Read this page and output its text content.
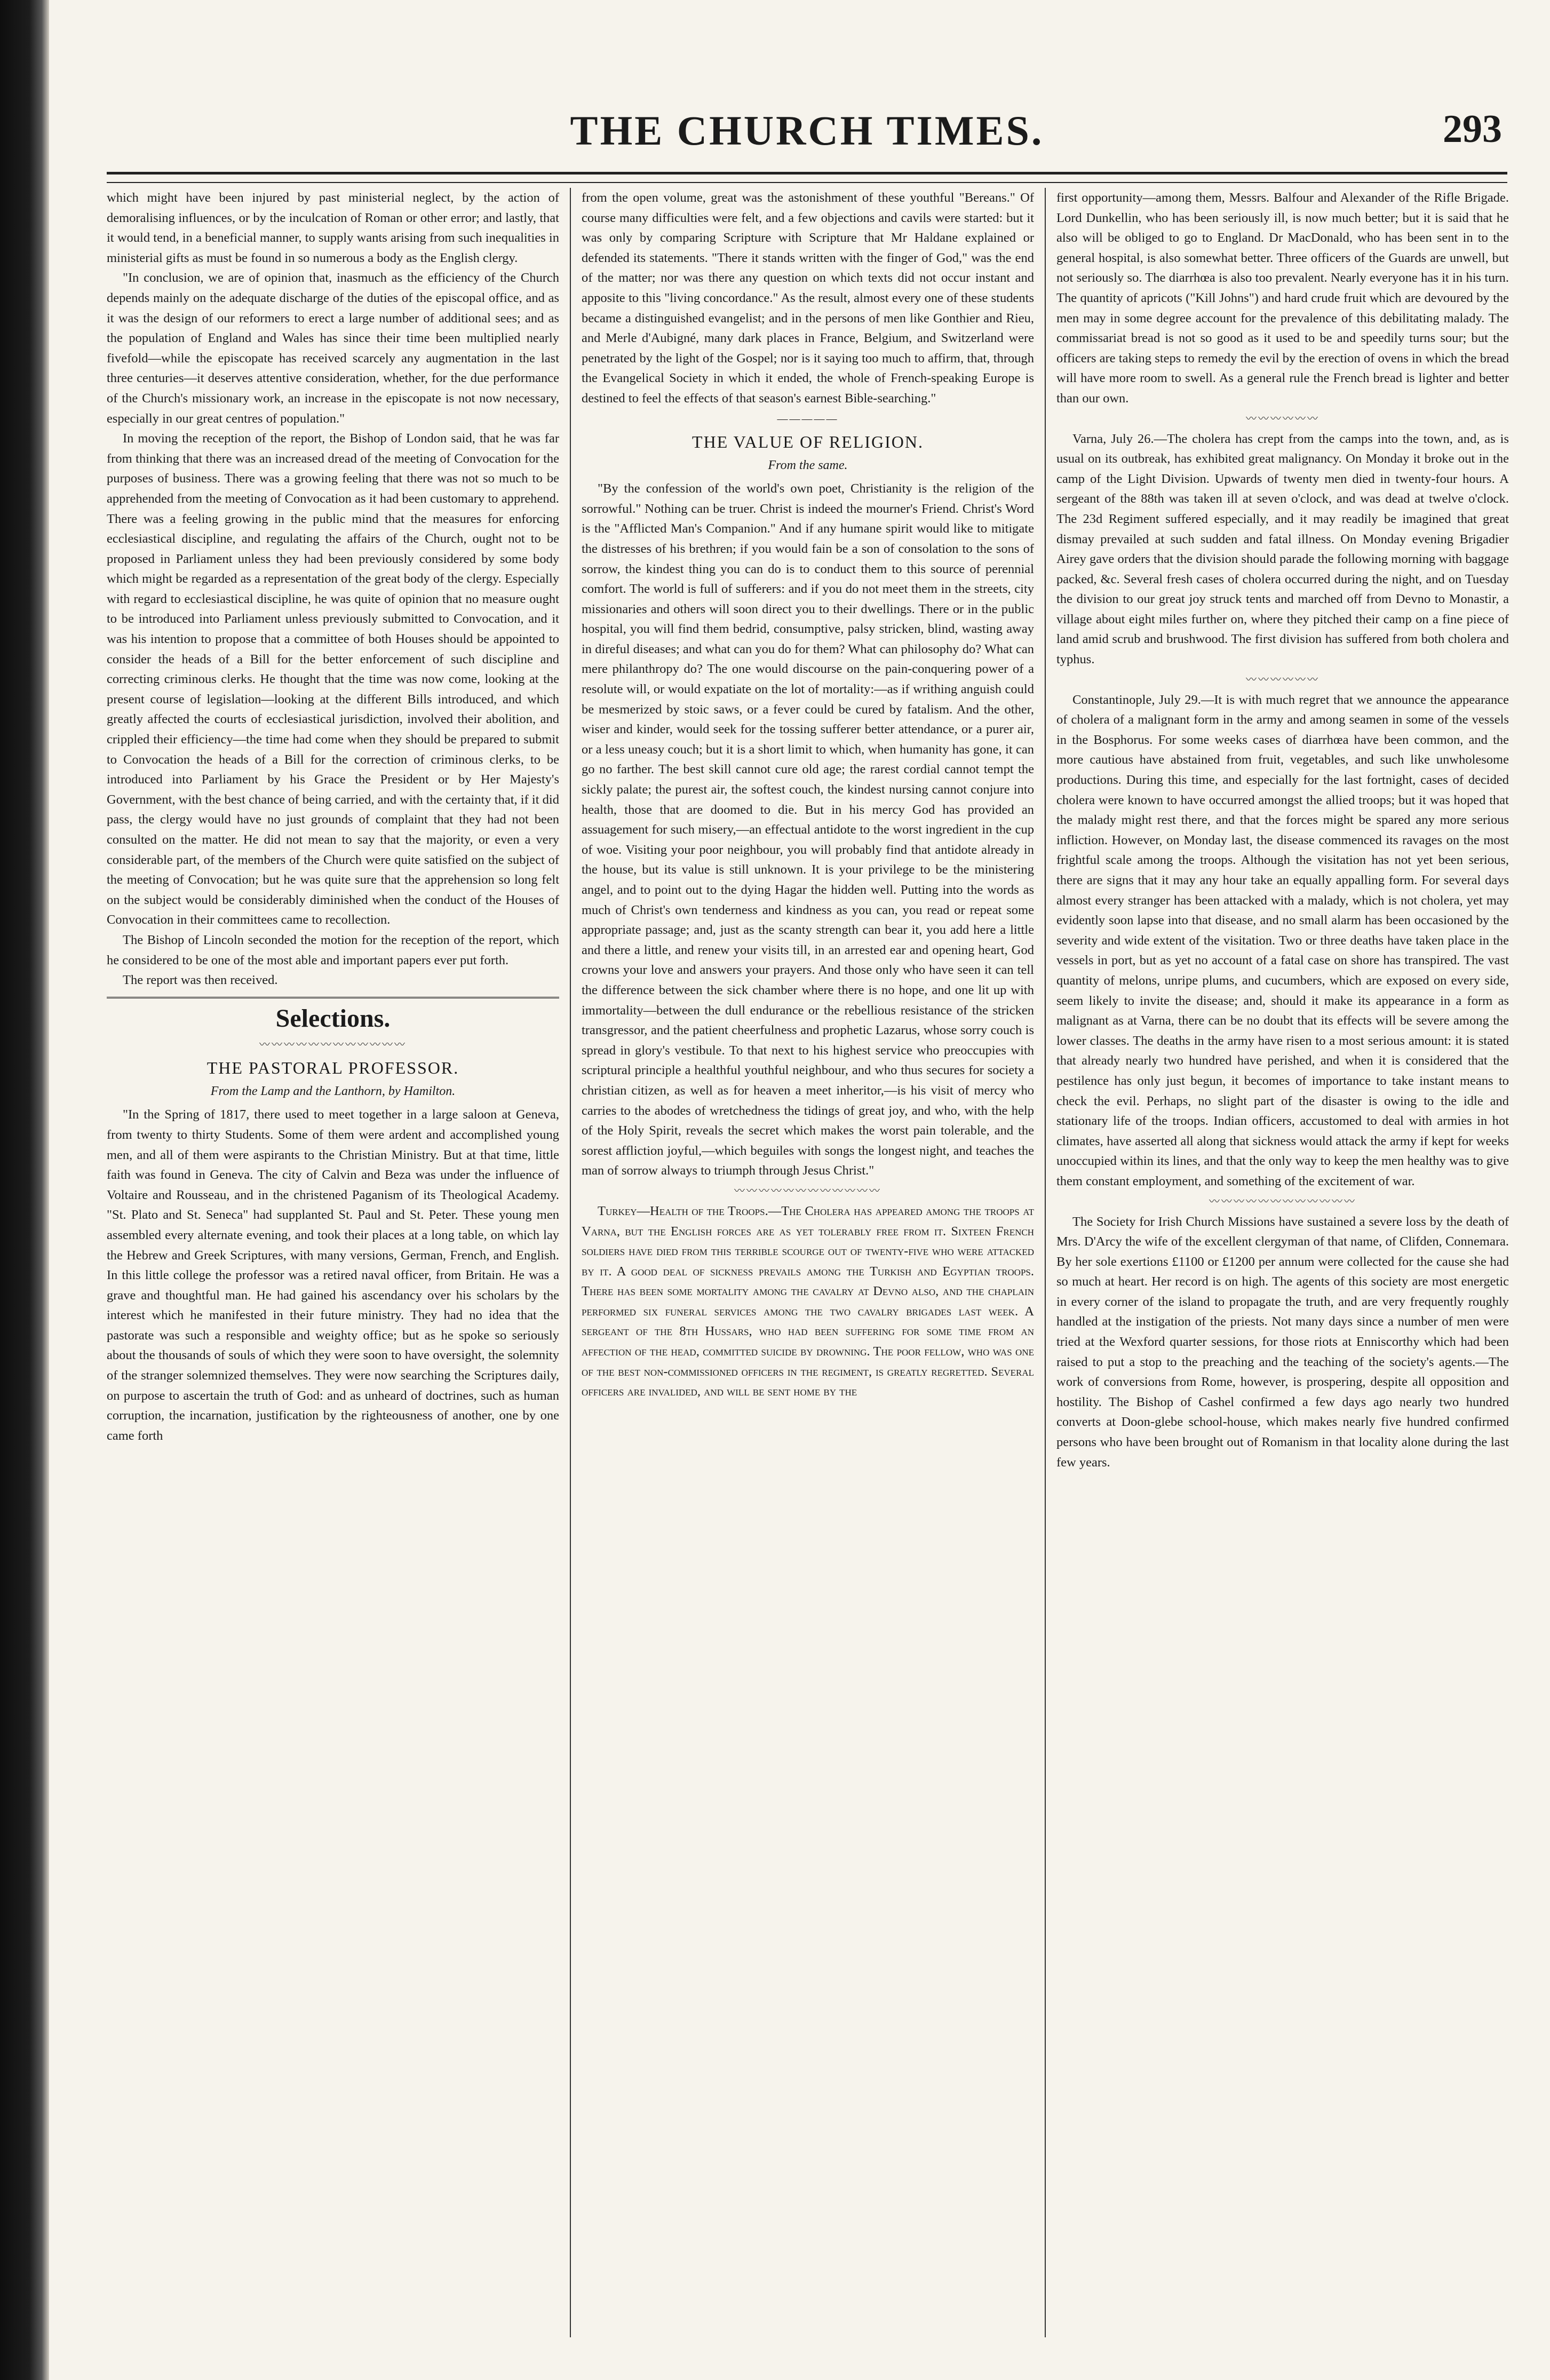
THE CHURCH TIMES.	293

which might have been injured by past ministerial neglect, by the action of demoralising influences, or by the inculcation of Roman or other error; and lastly, that it would tend, in a beneficial manner, to supply wants arising from such inequalities in ministerial gifts as must be found in so numerous a body as the English clergy.

"In conclusion, we are of opinion that, inasmuch as the efficiency of the Church depends mainly on the adequate discharge of the duties of the episcopal office, and as it was the design of our reformers to erect a large number of additional sees; and as the population of England and Wales has since their time been multiplied nearly fivefold—while the episcopate has received scarcely any augmentation in the last three centuries—it deserves attentive consideration, whether, for the due performance of the Church's missionary work, an increase in the episcopate is not now necessary, especially in our great centres of population."

In moving the reception of the report, the Bishop of London said, that he was far from thinking that there was an increased dread of the meeting of Convocation for the purposes of business. There was a growing feeling that there was not so much to be apprehended from the meeting of Convocation as it had been customary to apprehend. There was a feeling growing in the public mind that the measures for enforcing ecclesiastical discipline, and regulating the affairs of the Church, ought not to be proposed in Parliament unless they had been previously considered by some body which might be regarded as a representation of the great body of the clergy. Especially with regard to ecclesiastical discipline, he was quite of opinion that no measure ought to be introduced into Parliament unless previously submitted to Convocation, and it was his intention to propose that a committee of both Houses should be appointed to consider the heads of a Bill for the better enforcement of such discipline and correcting criminous clerks. He thought that the time was now come, looking at the present course of legislation—looking at the different Bills introduced, and which greatly affected the courts of ecclesiastical jurisdiction, involved their abolition, and crippled their efficiency—the time had come when they should be prepared to submit to Convocation the heads of a Bill for the correction of criminous clerks, to be introduced into Parliament by his Grace the President or by Her Majesty's Government, with the best chance of being carried, and with the certainty that, if it did pass, the clergy would have no just grounds of complaint that they had not been consulted on the matter. He did not mean to say that the majority, or even a very considerable part, of the members of the Church were quite satisfied on the subject of the meeting of Convocation; but he was quite sure that the apprehension so long felt on the subject would be considerably diminished when the conduct of the Houses of Convocation in their committees came to recollection.

The Bishop of Lincoln seconded the motion for the reception of the report, which he considered to be one of the most able and important papers ever put forth.

The report was then received.

Selections.
〰〰〰〰〰〰〰〰〰〰〰〰
THE PASTORAL PROFESSOR.
From the Lamp and the Lanthorn, by Hamilton.

"In the Spring of 1817, there used to meet together in a large saloon at Geneva, from twenty to thirty Students. Some of them were ardent and accomplished young men, and all of them were aspirants to the Christian Ministry. But at that time, little faith was found in Geneva. The city of Calvin and Beza was under the influence of Voltaire and Rousseau, and in the christened Paganism of its Theological Academy. "St. Plato and St. Seneca" had supplanted St. Paul and St. Peter. These young men assembled every alternate evening, and took their places at a long table, on which lay the Hebrew and Greek Scriptures, with many versions, German, French, and English. In this little college the professor was a retired naval officer, from Britain. He was a grave and thoughtful man. He had gained his ascendancy over his scholars by the interest which he manifested in their future ministry. They had no idea that the pastorate was such a responsible and weighty office; but as he spoke so seriously about the thousands of souls of which they were soon to have oversight, the solemnity of the stranger solemnized themselves. They were now searching the Scriptures daily, on purpose to ascertain the truth of God: and as unheard of doctrines, such as human corruption, the incarnation, justification by the righteousness of another, one by one came forth

from the open volume, great was the astonishment of these youthful "Bereans." Of course many difficulties were felt, and a few objections and cavils were started: but it was only by comparing Scripture with Scripture that Mr Haldane explained or defended its statements. "There it stands written with the finger of God," was the end of the matter; nor was there any question on which texts did not occur instant and apposite to this "living concordance." As the result, almost every one of these students became a distinguished evangelist; and in the persons of men like Gonthier and Rieu, and Merle d'Aubigné, many dark places in France, Belgium, and Switzerland were penetrated by the light of the Gospel; nor is it saying too much to affirm, that, through the Evangelical Society in which it ended, the whole of French-speaking Europe is destined to feel the effects of that season's earnest Bible-searching."

—————
THE VALUE OF RELIGION.
From the same.

"By the confession of the world's own poet, Christianity is the religion of the sorrowful." Nothing can be truer. Christ is indeed the mourner's Friend. Christ's Word is the "Afflicted Man's Companion." And if any humane spirit would like to mitigate the distresses of his brethren; if you would fain be a son of consolation to the sons of sorrow, the kindest thing you can do is to conduct them to this source of perennial comfort. The world is full of sufferers: and if you do not meet them in the streets, city missionaries and others will soon direct you to their dwellings. There or in the public hospital, you will find them bedrid, consumptive, palsy stricken, blind, wasting away in direful diseases; and what can you do for them? What can philosophy do? What can mere philanthropy do? The one would discourse on the pain-conquering power of a resolute will, or would expatiate on the lot of mortality:—as if writhing anguish could be mesmerized by stoic saws, or a fever could be cured by fatalism. And the other, wiser and kinder, would seek for the tossing sufferer better attendance, or a purer air, or a less uneasy couch; but it is a short limit to which, when humanity has gone, it can go no farther. The best skill cannot cure old age; the rarest cordial cannot tempt the sickly palate; the purest air, the softest couch, the kindest nursing cannot conjure into health, those that are doomed to die. But in his mercy God has provided an assuagement for such misery,—an effectual antidote to the worst ingredient in the cup of woe. Visiting your poor neighbour, you will probably find that antidote already in the house, but its value is still unknown. It is your privilege to be the ministering angel, and to point out to the dying Hagar the hidden well. Putting into the words as much of Christ's own tenderness and kindness as you can, you read or repeat some appropriate passage; and, just as the scanty strength can bear it, you add here a little and there a little, and renew your visits till, in an arrested ear and opening heart, God crowns your love and answers your prayers. And those only who have seen it can tell the difference between the sick chamber where there is no hope, and one lit up with immortality—between the dull endurance or the rebellious resistance of the stricken transgressor, and the patient cheerfulness and prophetic Lazarus, whose sorry couch is spread in glory's vestibule. To that next to his highest service who preoccupies with scriptural principle a healthful youthful neighbour, and who thus secures for society a christian citizen, as well as for heaven a meet inheritor,—is his visit of mercy who carries to the abodes of wretchedness the tidings of great joy, and who, with the help of the Holy Spirit, reveals the secret which makes the worst pain tolerable, and the sorest affliction joyful,—which beguiles with songs the longest night, and teaches the man of sorrow always to triumph through Jesus Christ."

〰〰〰〰〰〰〰〰〰〰〰〰

Turkey—Health of the Troops.—The Cholera has appeared among the troops at Varna, but the English forces are as yet tolerably free from it. Sixteen French soldiers have died from this terrible scourge out of twenty-five who were attacked by it. A good deal of sickness prevails among the Turkish and Egyptian troops. There has been some mortality among the cavalry at Devno also, and the chaplain performed six funeral services among the two cavalry brigades last week. A sergeant of the 8th Hussars, who had been suffering for some time from an affection of the head, committed suicide by drowning. The poor fellow, who was one of the best non-commissioned officers in the regiment, is greatly regretted. Several officers are invalided, and will be sent home by the

first opportunity—among them, Messrs. Balfour and Alexander of the Rifle Brigade. Lord Dunkellin, who has been seriously ill, is now much better; but it is said that he also will be obliged to go to England. Dr MacDonald, who has been sent in to the general hospital, is also somewhat better. Three officers of the Guards are unwell, but not seriously so. The diarrhœa is also too prevalent. Nearly everyone has it in his turn. The quantity of apricots ("Kill Johns") and hard crude fruit which are devoured by the men may in some degree account for the prevalence of this debilitating malady. The commissariat bread is not so good as it used to be and speedily turns sour; but the officers are taking steps to remedy the evil by the erection of ovens in which the bread will have more room to swell. As a general rule the French bread is lighter and better than our own.

〰〰〰〰〰〰

Varna, July 26.—The cholera has crept from the camps into the town, and, as is usual on its outbreak, has exhibited great malignancy. On Monday it broke out in the camp of the Light Division. Upwards of twenty men died in twenty-four hours. A sergeant of the 88th was taken ill at seven o'clock, and was dead at twelve o'clock. The 23d Regiment suffered especially, and it may readily be imagined that great dismay prevailed at such sudden and fatal illness. On Monday evening Brigadier Airey gave orders that the division should parade the following morning with baggage packed, &c. Several fresh cases of cholera occurred during the night, and on Tuesday the division to our great joy struck tents and marched off from Devno to Monastir, a village about eight miles further on, where they pitched their camp on a fine piece of land amid scrub and brushwood. The first division has suffered from both cholera and typhus.

〰〰〰〰〰〰

Constantinople, July 29.—It is with much regret that we announce the appearance of cholera of a malignant form in the army and among seamen in some of the vessels in the Bosphorus. For some weeks cases of diarrhœa have been common, and the more cautious have abstained from fruit, vegetables, and such like unwholesome productions. During this time, and especially for the last fortnight, cases of decided cholera were known to have occurred amongst the allied troops; but it was hoped that the malady might rest there, and that the forces might be spared any more serious infliction. However, on Monday last, the disease commenced its ravages on the most frightful scale among the troops. Although the visitation has not yet been serious, there are signs that it may any hour take an equally appalling form. For several days almost every stranger has been attacked with a malady, which is not cholera, yet may evidently soon lapse into that disease, and no small alarm has been occasioned by the severity and wide extent of the visitation. Two or three deaths have taken place in the vessels in port, but as yet no account of a fatal case on shore has transpired. The vast quantity of melons, unripe plums, and cucumbers, which are exposed on every side, seem likely to invite the disease; and, should it make its appearance in a form as malignant as at Varna, there can be no doubt that its effects will be severe among the lower classes. The deaths in the army have risen to a most serious amount: it is stated that already nearly two hundred have perished, and when it is considered that the pestilence has only just begun, it becomes of importance to take instant means to check the evil. Perhaps, no slight part of the disaster is owing to the idle and stationary life of the troops. Indian officers, accustomed to deal with armies in hot climates, have asserted all along that sickness would attack the army if kept for weeks unoccupied within its lines, and that the only way to keep the men healthy was to give them constant employment, and something of the excitement of war.

〰〰〰〰〰〰〰〰〰〰〰〰

The Society for Irish Church Missions have sustained a severe loss by the death of Mrs. D'Arcy the wife of the excellent clergyman of that name, of Clifden, Connemara. By her sole exertions £1100 or £1200 per annum were collected for the cause she had so much at heart. Her record is on high. The agents of this society are most energetic in every corner of the island to propagate the truth, and are very frequently roughly handled at the instigation of the priests. Not many days since a number of men were tried at the Wexford quarter sessions, for those riots at Enniscorthy which had been raised to put a stop to the preaching and the teaching of the society's agents.—The work of conversions from Rome, however, is prospering, despite all opposition and hostility. The Bishop of Cashel confirmed a few days ago nearly two hundred converts at Doon-glebe school-house, which makes nearly five hundred confirmed persons who have been brought out of Romanism in that locality alone during the last few years.
